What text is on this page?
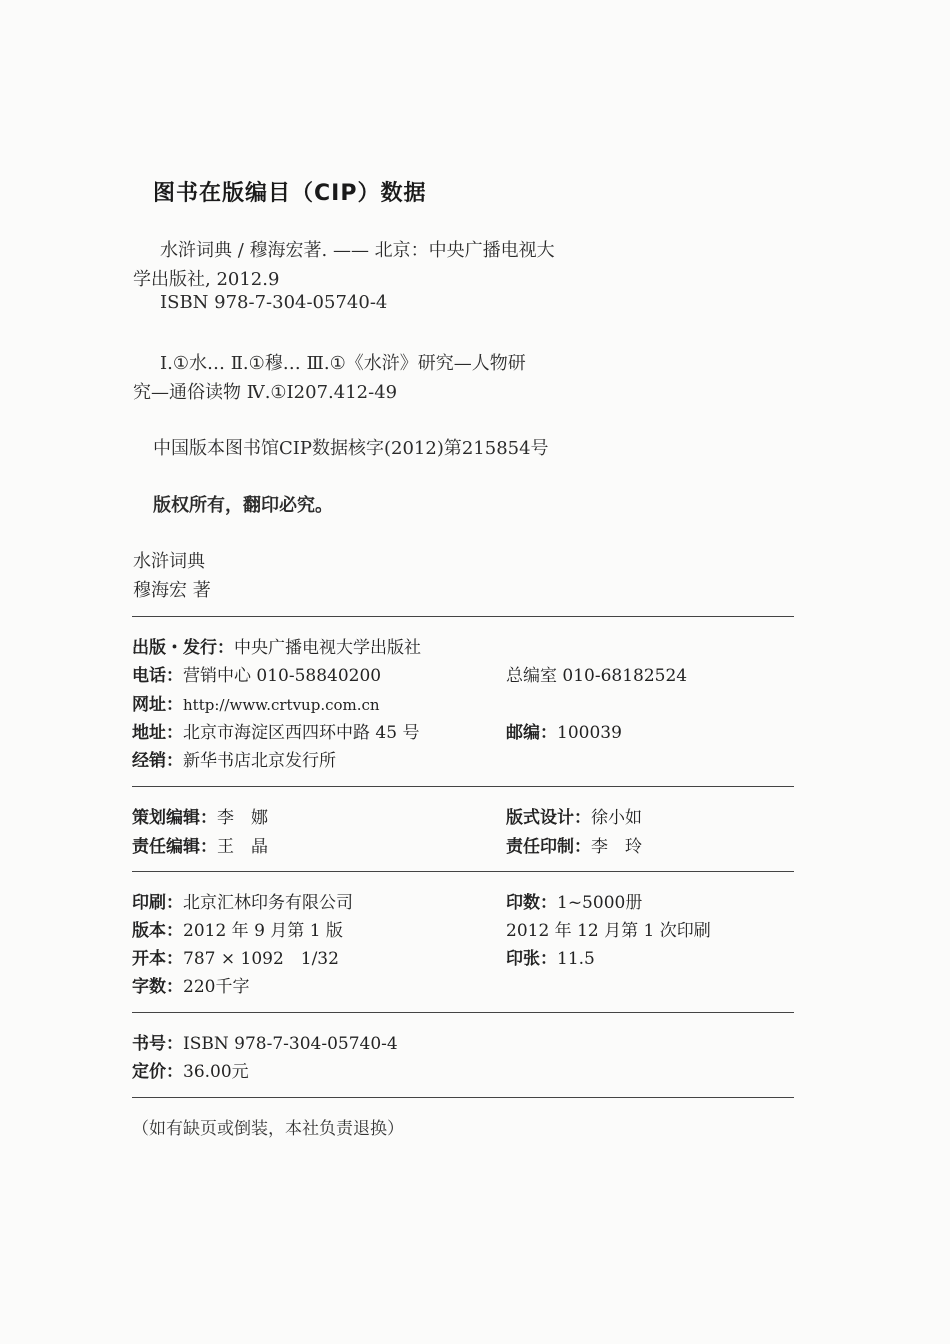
图书在版编目（CIP）数据
水浒词典 / 穆海宏著. —— 北京：中央广播电视大
学出版社, 2012.9
ISBN 978-7-304-05740-4
Ⅰ.①水… Ⅱ.①穆… Ⅲ.①《水浒》研究—人物研
究—通俗读物 Ⅳ.①I207.412-49
中国版本图书馆CIP数据核字(2012)第215854号
版权所有，翻印必究。
水浒词典
穆海宏 著
出版・发行：中央广播电视大学出版社
电话：营销中心 010-58840200	总编室 010-68182524
网址：http://www.crtvup.com.cn
地址：北京市海淀区西四环中路 45 号	邮编：100039
经销：新华书店北京发行所
策划编辑：李　娜	版式设计：徐小如
责任编辑：王　晶	责任印制：李　玲
印刷：北京汇林印务有限公司	印数：1~5000册
版本：2012 年 9 月第 1 版	2012 年 12 月第 1 次印刷
开本：787 × 1092　1/32	印张：11.5
字数：220千字
书号：ISBN 978-7-304-05740-4
定价：36.00元
（如有缺页或倒装，本社负责退换）
